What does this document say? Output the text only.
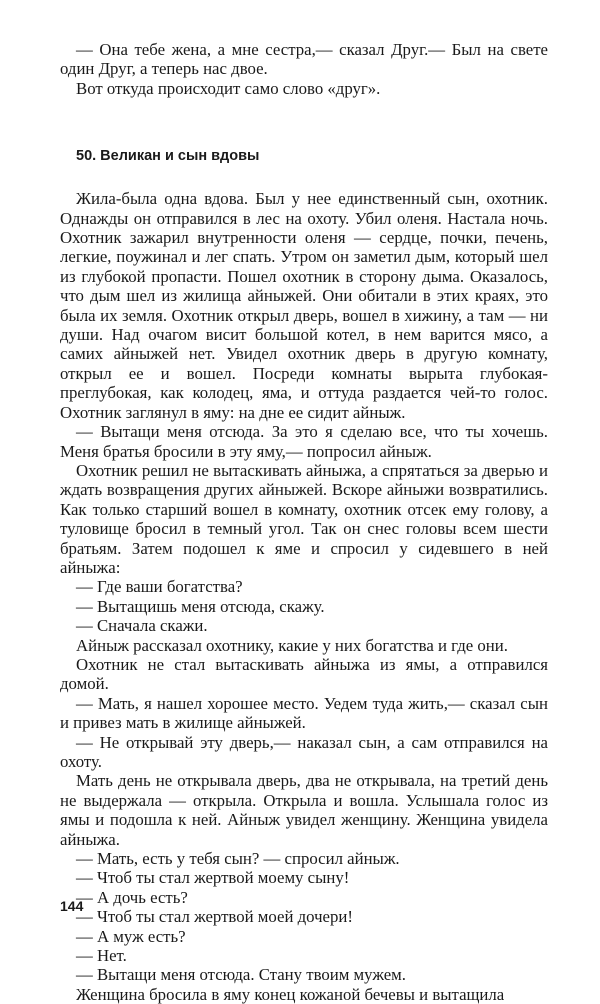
— Она тебе жена, а мне сестра,— сказал Друг.— Был на свете один Друг, а теперь нас двое.

Вот откуда происходит само слово «друг».

50. Великан и сын вдовы

Жила-была одна вдова. Был у нее единственный сын, охотник. Однажды он отправился в лес на охоту. Убил оленя. Настала ночь. Охотник зажарил внутренности оленя — сердце, почки, печень, легкие, поужинал и лег спать. Утром он заметил дым, который шел из глубокой пропасти. Пошел охотник в сторону дыма. Оказалось, что дым шел из жилища айныжей. Они обитали в этих краях, это была их земля. Охотник открыл дверь, вошел в хижину, а там — ни души. Над очагом висит большой котел, в нем варится мясо, а самих айныжей нет. Увидел охотник дверь в другую комнату, открыл ее и вошел. Посреди комнаты вырыта глубокая-преглубокая, как колодец, яма, и оттуда раздается чей-то голос. Охотник заглянул в яму: на дне ее сидит айныж.

— Вытащи меня отсюда. За это я сделаю все, что ты хочешь. Меня братья бросили в эту яму,— попросил айныж.

Охотник решил не вытаскивать айныжа, а спрятаться за дверью и ждать возвращения других айныжей. Вскоре айныжи возвратились. Как только старший вошел в комнату, охотник отсек ему голову, а туловище бросил в темный угол. Так он снес головы всем шести братьям. Затем подошел к яме и спросил у сидевшего в ней айныжа:

— Где ваши богатства?

— Вытащишь меня отсюда, скажу.

— Сначала скажи.

Айныж рассказал охотнику, какие у них богатства и где они.

Охотник не стал вытаскивать айныжа из ямы, а отправился домой.

— Мать, я нашел хорошее место. Уедем туда жить,— сказал сын и привез мать в жилище айныжей.

— Не открывай эту дверь,— наказал сын, а сам отправился на охоту.

Мать день не открывала дверь, два не открывала, на третий день не выдержала — открыла. Открыла и вошла. Услышала голос из ямы и подошла к ней. Айныж увидел женщину. Женщина увидела айныжа.

— Мать, есть у тебя сын? — спросил айныж.

— Чтоб ты стал жертвой моему сыну!

— А дочь есть?

— Чтоб ты стал жертвой моей дочери!

— А муж есть?

— Нет.

— Вытащи меня отсюда. Стану твоим мужем.

Женщина бросила в яму конец кожаной бечевы и вытащила

144
